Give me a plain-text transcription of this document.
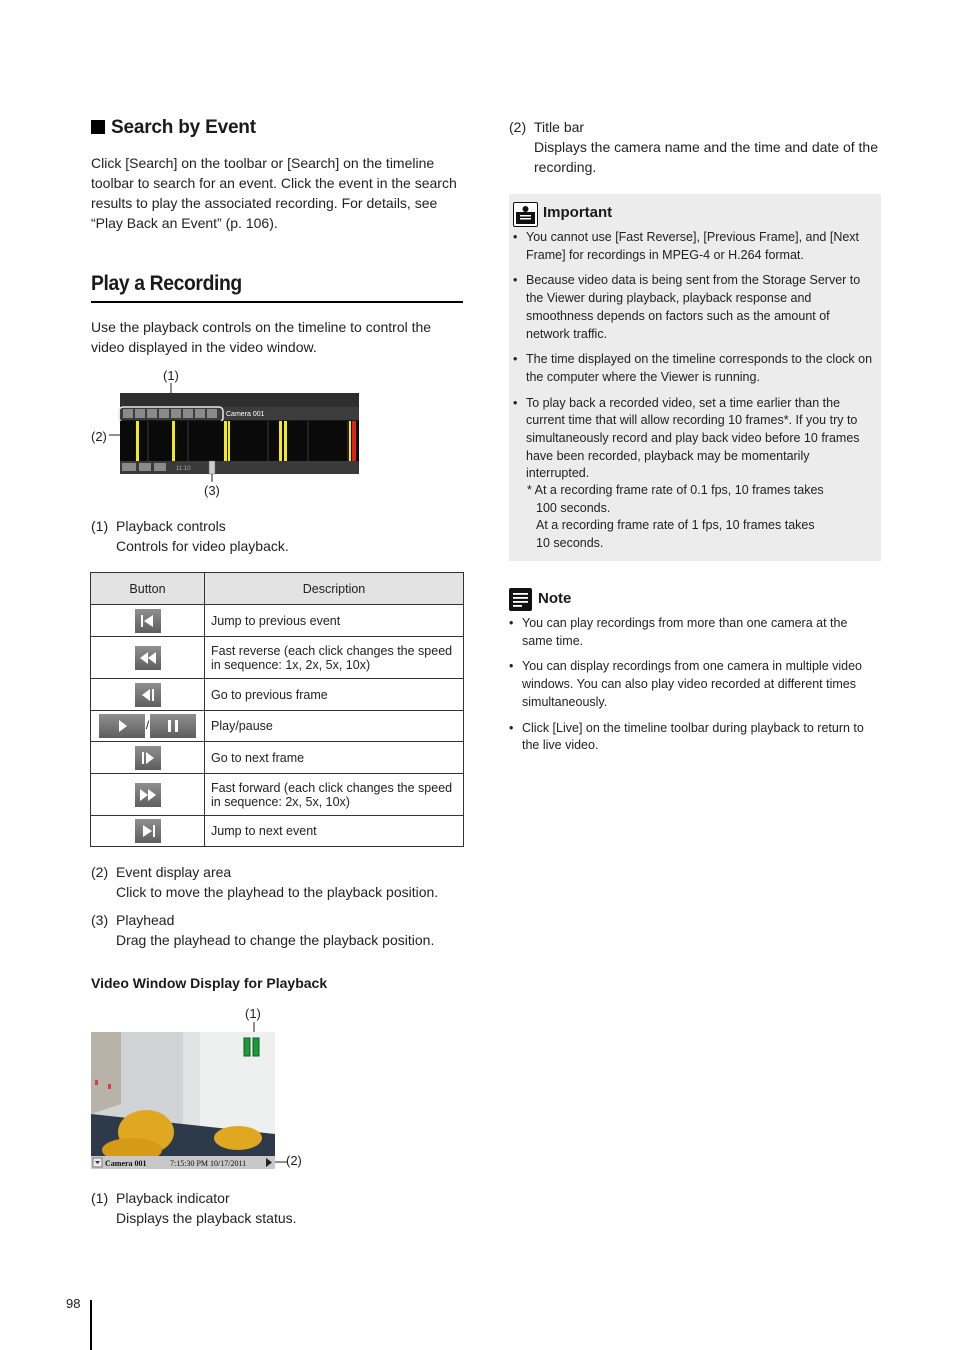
Search by Event
Click [Search] on the toolbar or [Search] on the timeline toolbar to search for an event. Click the event in the search results to play the associated recording. For details, see “Play Back an Event” (p. 106).
Play a Recording
Use the playback controls on the timeline to control the video displayed in the video window.
(1)
(2)
(3)
Camera 001
11:10
(1) Playback controls
Controls for video playback.
Button	Description

	Jump to previous event

	Fast reverse (each click changes the speed in sequence: 1x, 2x, 5x, 10x)

	Go to previous frame

/	Play/pause

	Go to next frame

	Fast forward (each click changes the speed in sequence: 2x, 5x, 10x)

	Jump to next event
(2) Event display area
Click to move the playhead to the playback position.
(3) Playhead
Drag the playhead to change the playback position.
Video Window Display for Playback
(1)
(2)
Camera 001	7:15:30 PM 10/17/2011
(1) Playback indicator
Displays the playback status.
98
(2) Title bar
Displays the camera name and the time and date of the recording.
Important
• You cannot use [Fast Reverse], [Previous Frame], and [Next Frame] for recordings in MPEG-4 or H.264 format.
• Because video data is being sent from the Storage Server to the Viewer during playback, playback response and smoothness depends on factors such as the amount of network traffic.
• The time displayed on the timeline corresponds to the clock on the computer where the Viewer is running.
• To play back a recorded video, set a time earlier than the current time that will allow recording 10 frames*. If you try to simultaneously record and play back video before 10 frames have been recorded, playback may be momentarily interrupted.
* At a recording frame rate of 0.1 fps, 10 frames takes
100 seconds.
At a recording frame rate of 1 fps, 10 frames takes
10 seconds.
Note
• You can play recordings from more than one camera at the same time.
• You can display recordings from one camera in multiple video windows. You can also play video recorded at different times simultaneously.
• Click [Live] on the timeline toolbar during playback to return to the live video.
